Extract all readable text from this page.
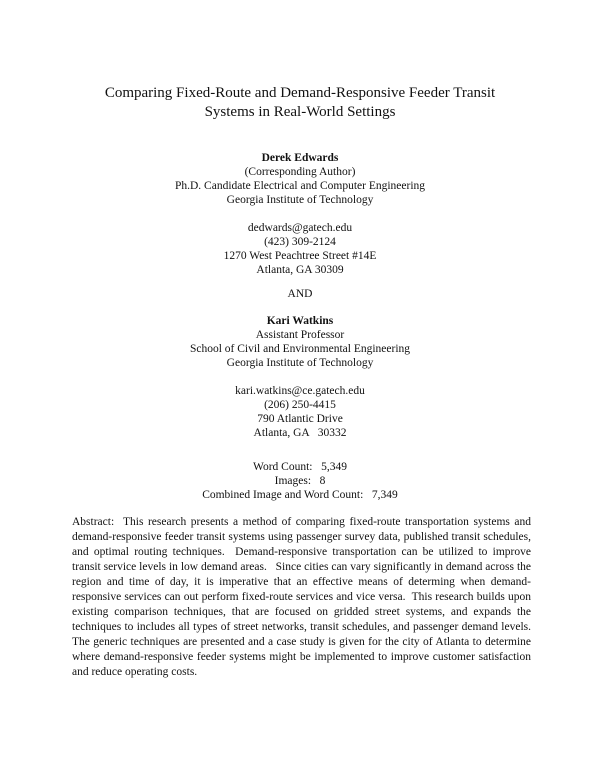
Comparing Fixed-Route and Demand-Responsive Feeder Transit
Systems in Real-World Settings
Derek Edwards
(Corresponding Author)
Ph.D. Candidate Electrical and Computer Engineering
Georgia Institute of Technology
dedwards@gatech.edu
(423) 309-2124
1270 West Peachtree Street #14E
Atlanta, GA 30309
AND
Kari Watkins
Assistant Professor
School of Civil and Environmental Engineering
Georgia Institute of Technology
kari.watkins@ce.gatech.edu
(206) 250-4415
790 Atlantic Drive
Atlanta, GA   30332
Word Count:   5,349
Images:   8
Combined Image and Word Count:   7,349
Abstract:  This research presents a method of comparing fixed-route transportation systems and demand-responsive feeder transit systems using passenger survey data, published transit schedules, and optimal routing techniques.  Demand-responsive transportation can be utilized to improve transit service levels in low demand areas.   Since cities can vary significantly in demand across the region and time of day, it is imperative that an effective means of determing when demand-responsive services can out perform fixed-route services and vice versa.  This research builds upon existing comparison techniques, that are focused on gridded street systems, and expands the techniques to includes all types of street networks, transit schedules, and passenger demand levels.   The generic techniques are presented and a case study is given for the city of Atlanta to determine where demand-responsive feeder systems might be implemented to improve customer satisfaction and reduce operating costs.
